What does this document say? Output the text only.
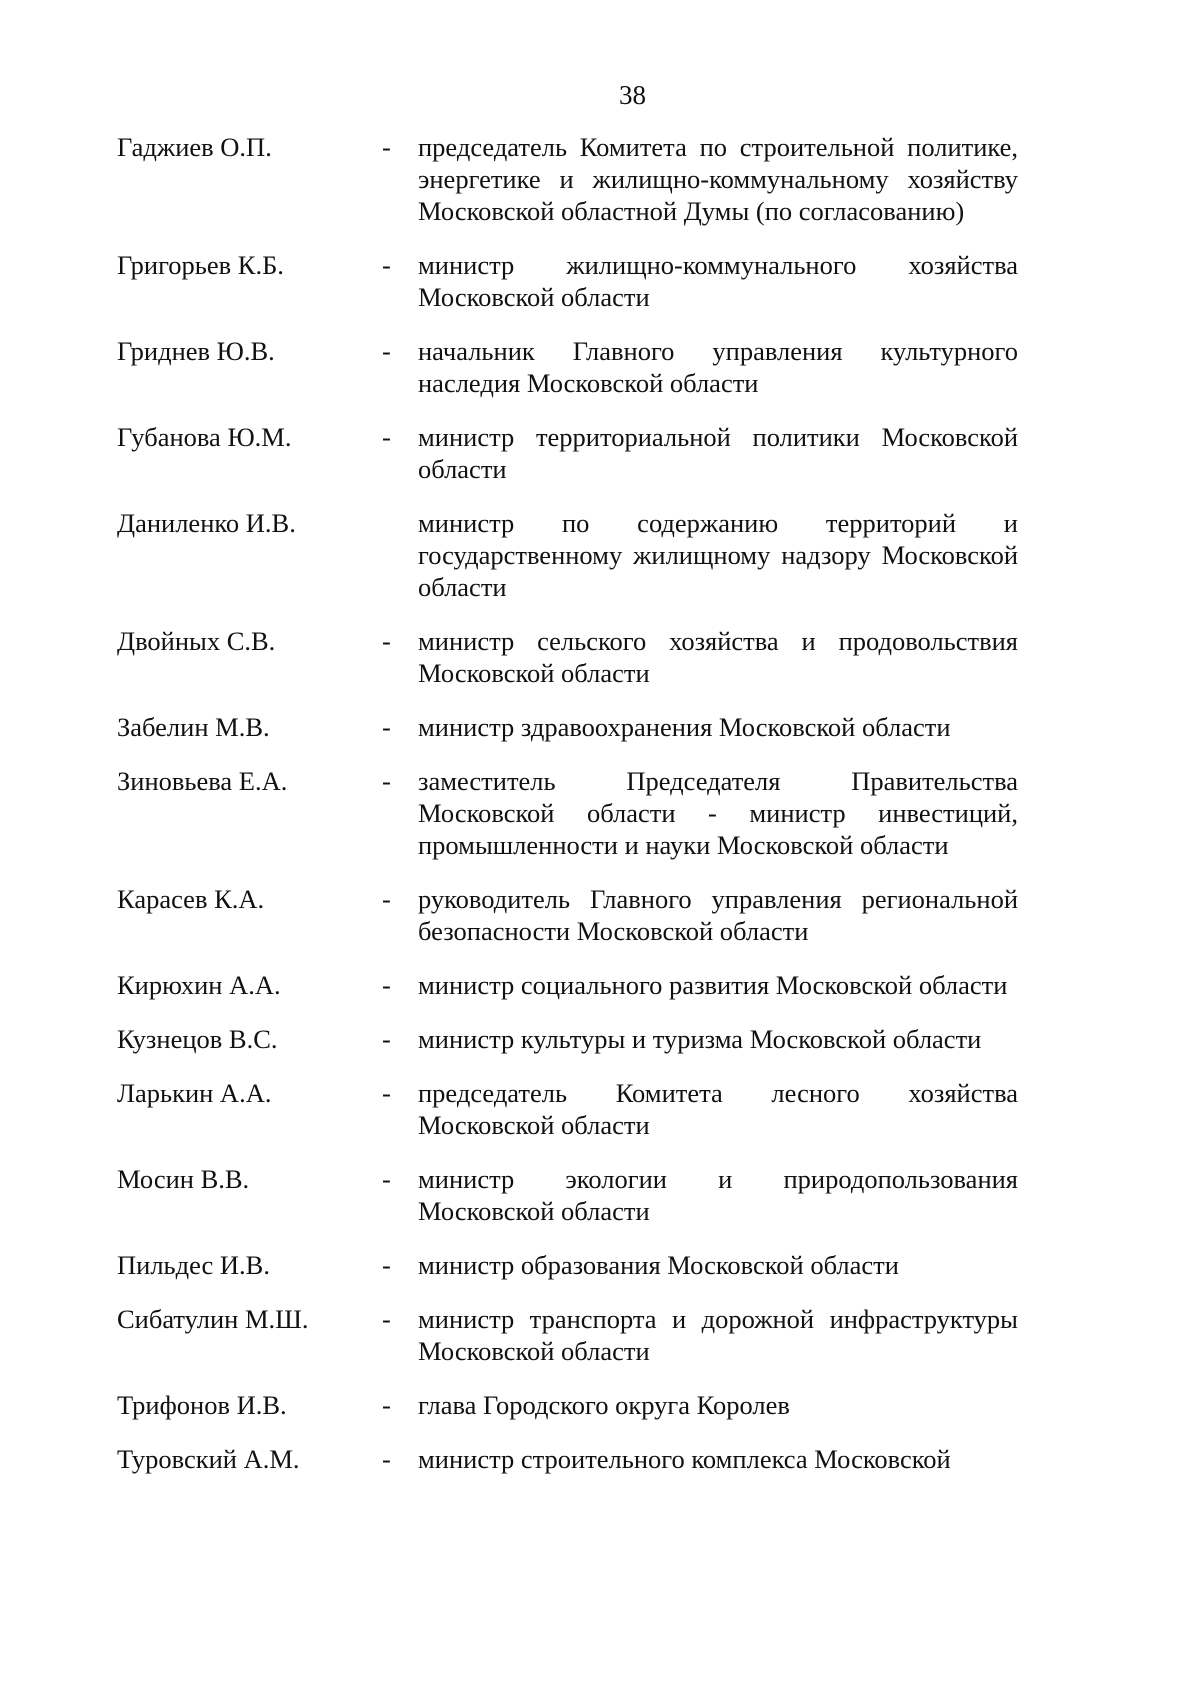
38
Гаджиев О.П.	- председатель Комитета по строительной политике, энергетике и жилищно-коммунальному хозяйству Московской областной Думы (по согласованию)
Григорьев К.Б.	- министр жилищно-коммунального хозяйства Московской области
Гриднев Ю.В.	- начальник Главного управления культурного наследия Московской области
Губанова Ю.М.	- министр территориальной политики Московской области
Даниленко И.В.	министр по содержанию территорий и государственному жилищному надзору Московской области
Двойных С.В.	- министр сельского хозяйства и продовольствия Московской области
Забелин М.В.	- министр здравоохранения Московской области
Зиновьева Е.А.	- заместитель Председателя Правительства Московской области - министр инвестиций, промышленности и науки Московской области
Карасев К.А.	- руководитель Главного управления региональной безопасности Московской области
Кирюхин А.А.	- министр социального развития Московской области
Кузнецов В.С.	- министр культуры и туризма Московской области
Ларькин А.А.	- председатель Комитета лесного хозяйства Московской области
Мосин В.В.	- министр экологии и природопользования Московской области
Пильдес И.В.	- министр образования Московской области
Сибатулин М.Ш.	- министр транспорта и дорожной инфраструктуры Московской области
Трифонов И.В.	- глава Городского округа Королев
Туровский А.М.	- министр строительного комплекса Московской
